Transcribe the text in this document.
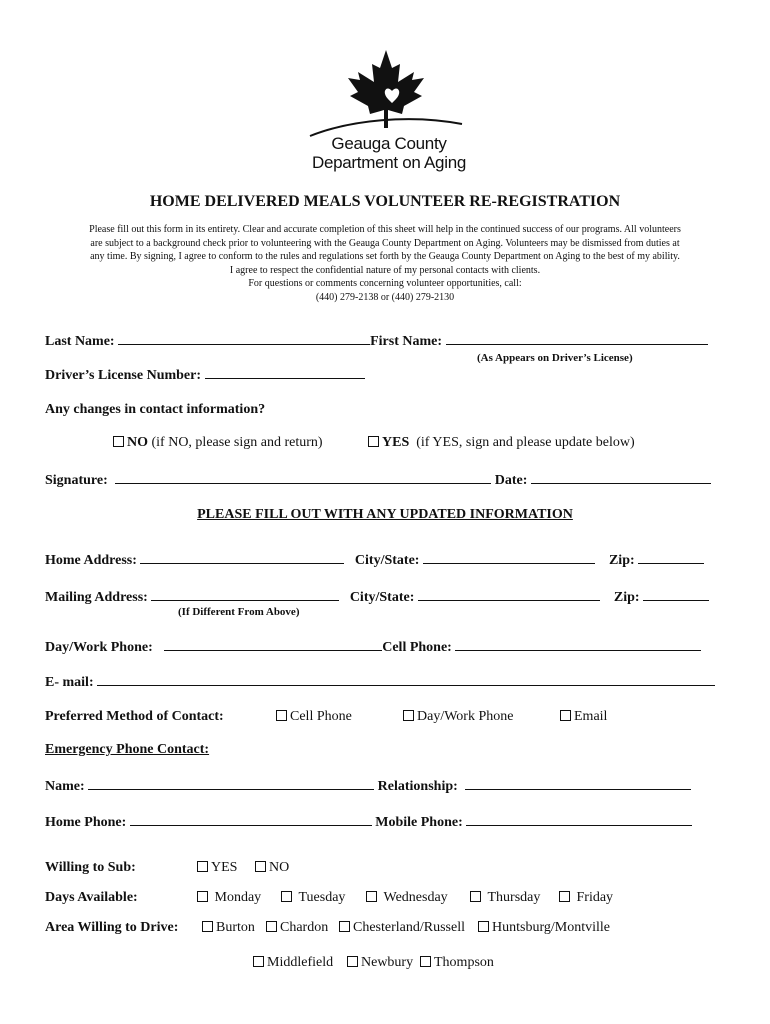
Geauga County
Department on Aging
HOME DELIVERED MEALS VOLUNTEER RE-REGISTRATION
Please fill out this form in its entirety. Clear and accurate completion of this sheet will help in the continued success of our programs. All volunteers
are subject to a background check prior to volunteering with the Geauga County Department on Aging. Volunteers may be dismissed from duties at
any time. By signing, I agree to conform to the rules and regulations set forth by the Geauga County Department on Aging to the best of my ability.
I agree to respect the confidential nature of my personal contacts with clients.
For questions or comments concerning volunteer opportunities, call:
(440) 279-2138 or (440) 279-2130
Last Name:	First Name:
(As Appears on Driver’s License)
Driver’s License Number:
Any changes in contact information?
NO (if NO, please sign and return)	YES (if YES, sign and please update below)
Signature:	Date:
PLEASE FILL OUT WITH ANY UPDATED INFORMATION
Home Address:	City/State:	Zip:
Mailing Address:	City/State:	Zip:
(If Different From Above)
Day/Work Phone:	Cell Phone:
E- mail:
Preferred Method of Contact:	Cell Phone	Day/Work Phone	Email
Emergency Phone Contact:
Name:	Relationship:
Home Phone:	Mobile Phone:
Willing to Sub:	YES	NO
Days Available:	Monday	Tuesday	Wednesday	Thursday	Friday
Area Willing to Drive:	Burton	Chardon	Chesterland/Russell	Huntsburg/Montville
Middlefield	Newbury	Thompson
